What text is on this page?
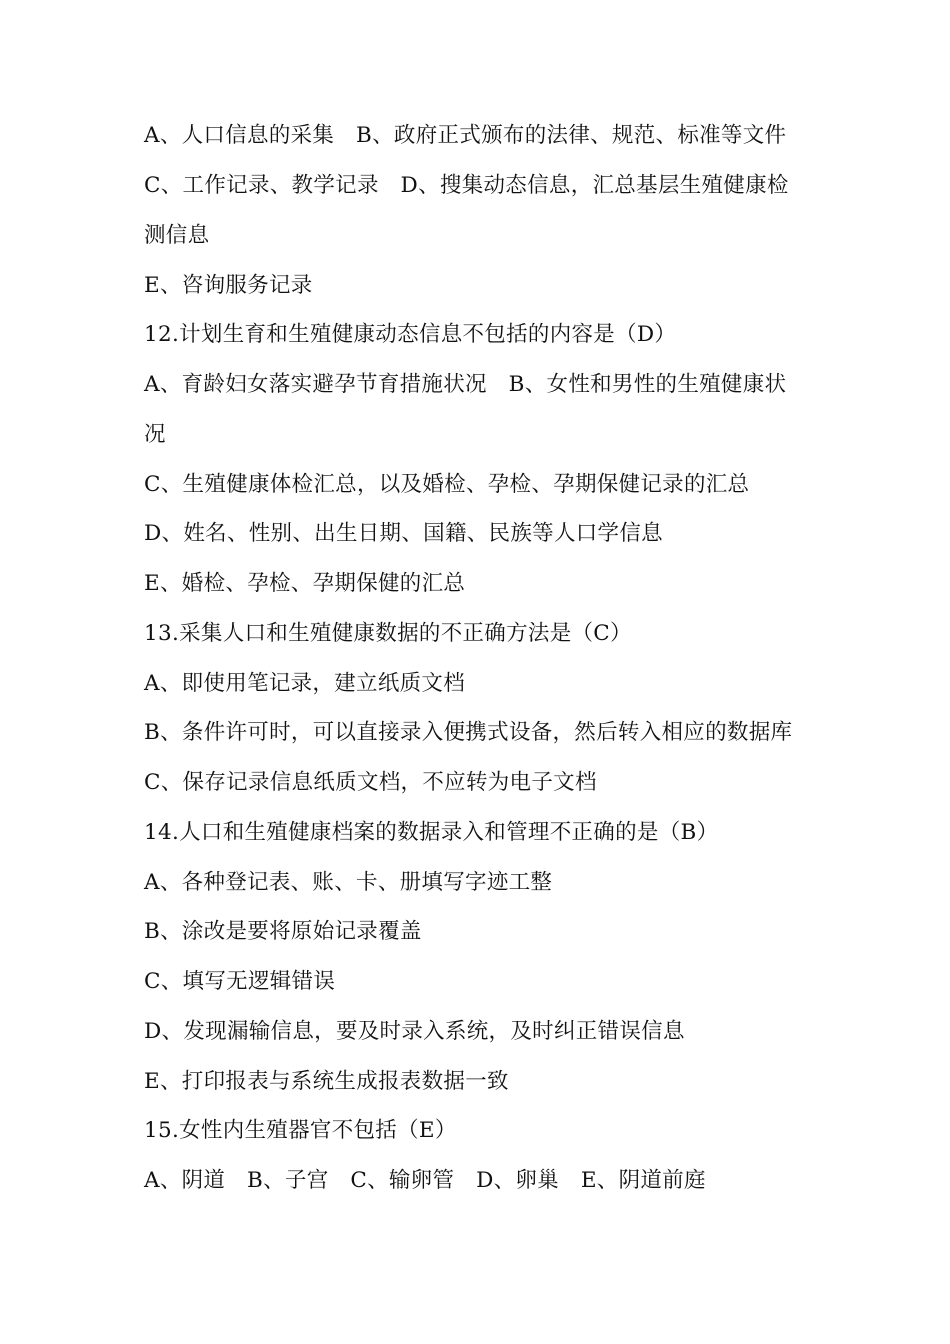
A、人口信息的采集　B、政府正式颁布的法律、规范、标准等文件
C、工作记录、教学记录　D、搜集动态信息，汇总基层生殖健康检
测信息
E、咨询服务记录
12.计划生育和生殖健康动态信息不包括的内容是（D）
A、育龄妇女落实避孕节育措施状况　B、女性和男性的生殖健康状
况
C、生殖健康体检汇总，以及婚检、孕检、孕期保健记录的汇总
D、姓名、性别、出生日期、国籍、民族等人口学信息
E、婚检、孕检、孕期保健的汇总
13.采集人口和生殖健康数据的不正确方法是（C）
A、即使用笔记录，建立纸质文档
B、条件许可时，可以直接录入便携式设备，然后转入相应的数据库
C、保存记录信息纸质文档，不应转为电子文档
14.人口和生殖健康档案的数据录入和管理不正确的是（B）
A、各种登记表、账、卡、册填写字迹工整
B、涂改是要将原始记录覆盖
C、填写无逻辑错误
D、发现漏输信息，要及时录入系统，及时纠正错误信息
E、打印报表与系统生成报表数据一致
15.女性内生殖器官不包括（E）
A、阴道　B、子宫　C、输卵管　D、卵巢　E、阴道前庭
